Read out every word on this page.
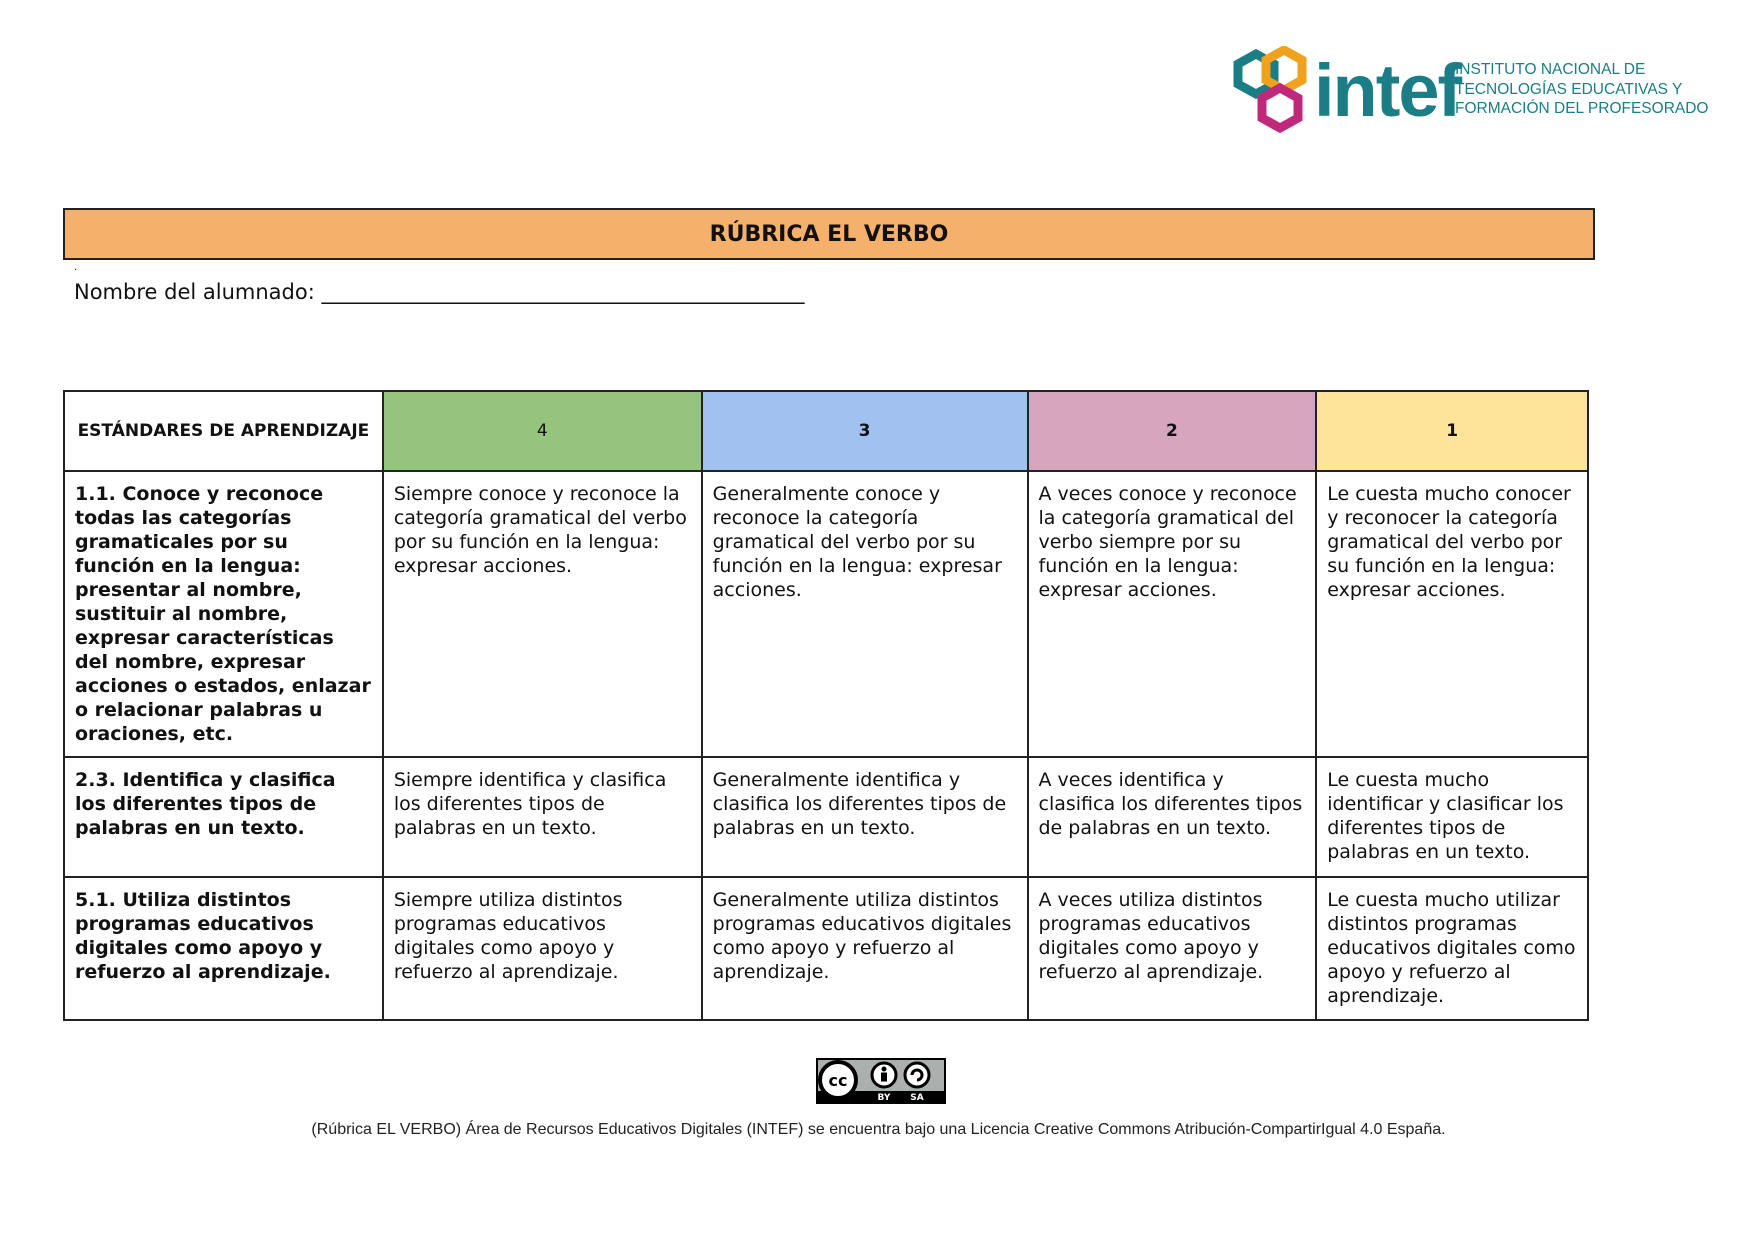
intef
INSTITUTO NACIONAL DE
TECNOLOGÍAS EDUCATIVAS Y
FORMACIÓN DEL PROFESORADO
RÚBRICA EL VERBO
.
Nombre del alumnado: ______________________________________________
ESTÁNDARES DE APRENDIZAJE	4	3	2	1
1.1. Conoce y reconoce todas las categorías gramaticales por su función en la lengua: presentar al nombre, sustituir al nombre, expresar características del nombre, expresar acciones o estados, enlazar o relacionar palabras u oraciones, etc.	Siempre conoce y reconoce la categoría gramatical del verbo por su función en la lengua: expresar acciones.	Generalmente conoce y reconoce la categoría gramatical del verbo por su función en la lengua: expresar acciones.	A veces conoce y reconoce la categoría gramatical del verbo siempre por su función en la lengua: expresar acciones.	Le cuesta mucho conocer y reconocer la categoría gramatical del verbo por su función en la lengua: expresar acciones.
2.3. Identifica y clasifica los diferentes tipos de palabras en un texto.	Siempre identifica y clasifica los diferentes tipos de palabras en un texto.	Generalmente identifica y clasifica los diferentes tipos de palabras en un texto.	A veces identifica y clasifica los diferentes tipos de palabras en un texto.	Le cuesta mucho identificar y clasificar los diferentes tipos de palabras en un texto.
5.1. Utiliza distintos programas educativos digitales como apoyo y refuerzo al aprendizaje.	Siempre utiliza distintos programas educativos digitales como apoyo y refuerzo al aprendizaje.	Generalmente utiliza distintos programas educativos digitales como apoyo y refuerzo al aprendizaje.	A veces utiliza distintos programas educativos digitales como apoyo y refuerzo al aprendizaje.	Le cuesta mucho utilizar distintos programas educativos digitales como apoyo y refuerzo al aprendizaje.
cc
BY SA
(Rúbrica EL VERBO) Área de Recursos Educativos Digitales (INTEF) se encuentra bajo una Licencia Creative Commons Atribución-CompartirIgual 4.0 España.
